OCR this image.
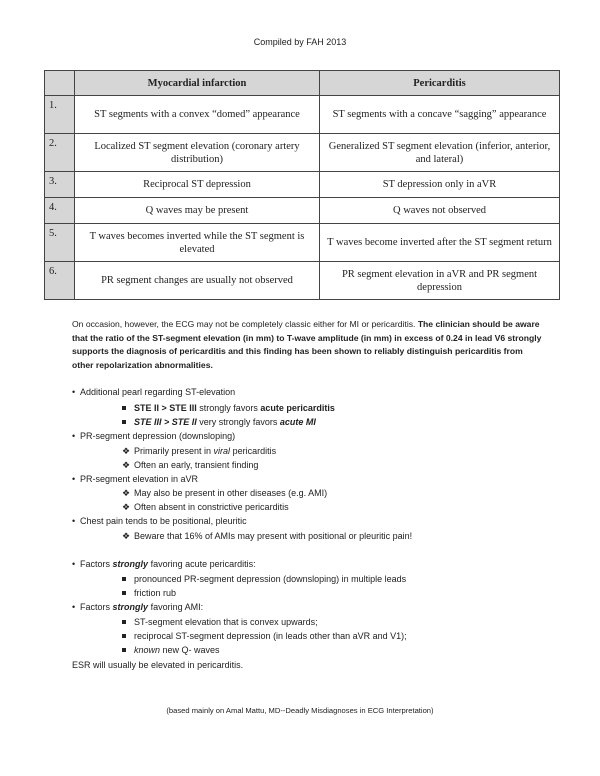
Compiled by FAH 2013
	Myocardial infarction	Pericarditis
1.	ST segments with a convex “domed” appearance	ST segments with a concave “sagging” appearance
2.	Localized ST segment elevation (coronary artery distribution)	Generalized ST segment elevation (inferior, anterior, and lateral)
3.	Reciprocal ST depression	ST depression only in aVR
4.	Q waves may be present	Q waves not observed
5.	T waves becomes inverted while the ST segment is elevated	T waves become inverted after the ST segment return
6.	PR segment changes are usually not observed	PR segment elevation in aVR and PR segment depression
On occasion, however, the ECG may not be completely classic either for MI or pericarditis. The clinician should be aware that the ratio of the ST-segment elevation (in mm) to T-wave amplitude (in mm) in excess of 0.24 in lead V6 strongly supports the diagnosis of pericarditis and this finding has been shown to reliably distinguish pericarditis from other repolarization abnormalities.
• Additional pearl regarding ST-elevation
STE II > STE III strongly favors acute pericarditis
STE III > STE II very strongly favors acute MI
• PR-segment depression (downsloping)
❖ Primarily present in viral pericarditis
❖ Often an early, transient finding
• PR-segment elevation in aVR
❖ May also be present in other diseases (e.g. AMI)
❖ Often absent in constrictive pericarditis
• Chest pain tends to be positional, pleuritic
❖ Beware that 16% of AMIs may present with positional or pleuritic pain!
• Factors strongly favoring acute pericarditis:
pronounced PR-segment depression (downsloping) in multiple leads
friction rub
• Factors strongly favoring AMI:
ST-segment elevation that is convex upwards;
reciprocal ST-segment depression (in leads other than aVR and V1);
known new Q- waves
ESR will usually be elevated in pericarditis.
(based mainly on Amal Mattu, MD--Deadly Misdiagnoses in ECG Interpretation)
